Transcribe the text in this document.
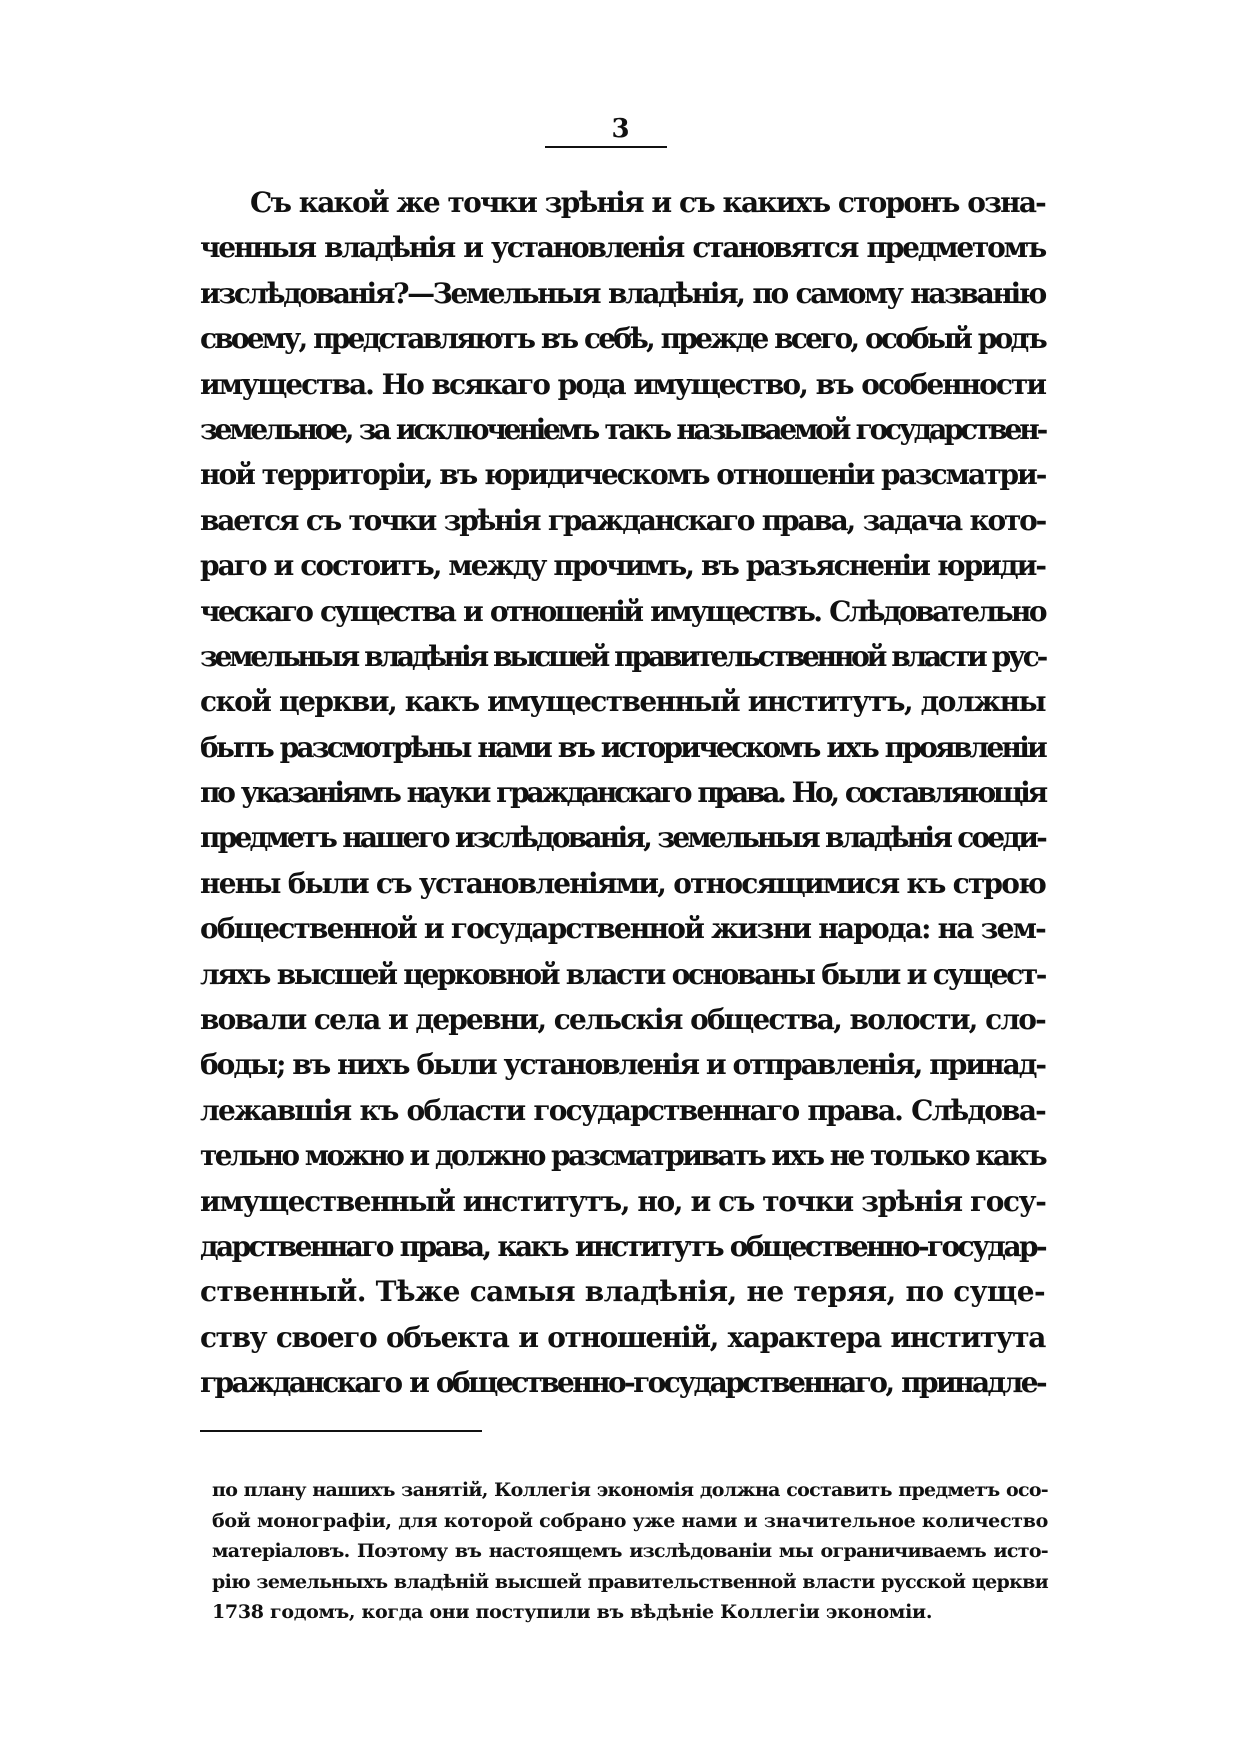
3
Съ какой же точки зрѣнія и съ какихъ сторонъ озна-
ченныя владѣнія и установленія становятся предметомъ
изслѣдованія?—Земельныя владѣнія, по самому названію
своему, представляютъ въ себѣ, прежде всего, особый родъ
имущества. Но всякаго рода имущество, въ особенности
земельное, за исключеніемъ такъ называемой государствен-
ной территоріи, въ юридическомъ отношеніи разсматри-
вается съ точки зрѣнія гражданскаго права, задача кото-
раго и состоитъ, между прочимъ, въ разъясненіи юриди-
ческаго существа и отношеній имуществъ. Слѣдовательно
земельныя владѣнія высшей правительственной власти рус-
ской церкви, какъ имущественный институтъ, должны
быть разсмотрѣны нами въ историческомъ ихъ проявленіи
по указаніямъ науки гражданскаго права. Но, составляющія
предметъ нашего изслѣдованія, земельныя владѣнія соеди-
нены были съ установленіями, относящимися къ строю
общественной и государственной жизни народа: на зем-
ляхъ высшей церковной власти основаны были и сущест-
вовали села и деревни, сельскія общества, волости, сло-
боды; въ нихъ были установленія и отправленія, принад-
лежавшія къ области государственнаго права. Слѣдова-
тельно можно и должно разсматривать ихъ не только какъ
имущественный институтъ, но, и съ точки зрѣнія госу-
дарственнаго права, какъ институтъ общественно-государ-
ственный. Тѣже самыя владѣнія, не теряя, по суще-
ству своего объекта и отношеній, характера института
гражданскаго и общественно-государственнаго, принадле-
по плану нашихъ занятій, Коллегія экономія должна составить предметъ осо-
бой монографіи, для которой собрано уже нами и значительное количество
матеріаловъ. Поэтому въ настоящемъ изслѣдованіи мы ограничиваемъ исто-
рію земельныхъ владѣній высшей правительственной власти русской церкви
1738 годомъ, когда они поступили въ вѣдѣніе Коллегіи экономіи.
